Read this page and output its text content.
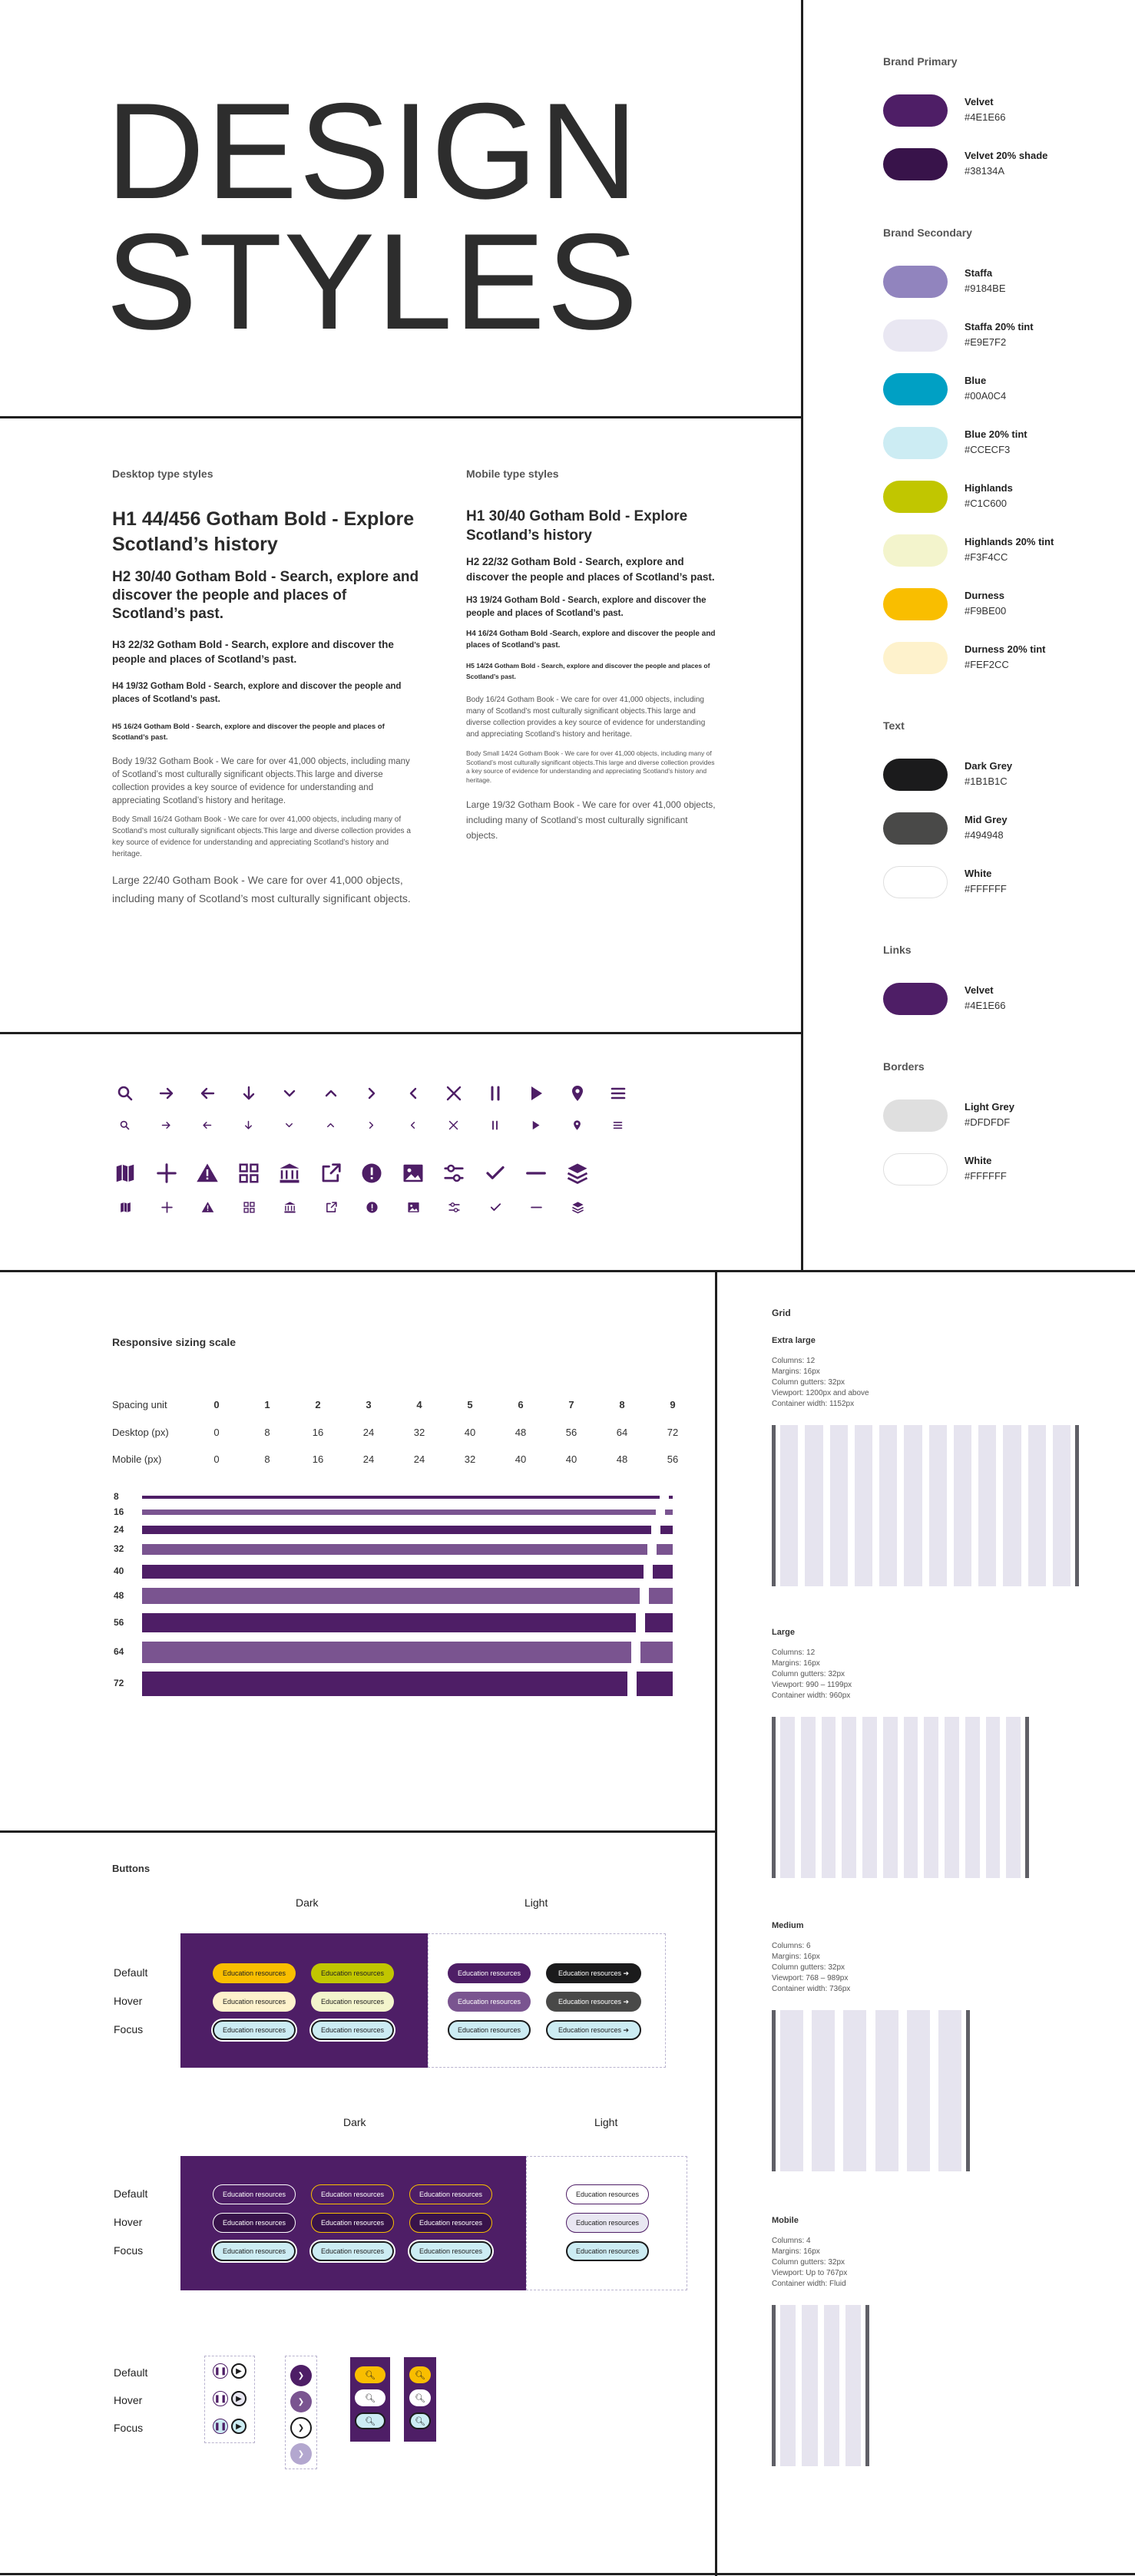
DESIGN
STYLES
Brand Primary
Velvet
#4E1E66
Velvet 20% shade
#38134A
Brand Secondary
Staffa
#9184BE
Staffa 20% tint
#E9E7F2
Blue
#00A0C4
Blue 20% tint
#CCECF3
Highlands
#C1C600
Highlands 20% tint
#F3F4CC
Durness
#F9BE00
Durness 20% tint
#FEF2CC
Text
Dark Grey
#1B1B1C
Mid Grey
#494948
White
#FFFFFF
Links
Velvet
#4E1E66
Borders
Light Grey
#DFDFDF
White
#FFFFFF
Desktop type styles
H1 44/456 Gotham Bold - Explore Scotland’s history
H2 30/40 Gotham Bold - Search, explore and discover the people and places of Scotland’s past.
H3 22/32 Gotham Bold - Search, explore and discover the people and places of Scotland’s past.
H4 19/32 Gotham Bold - Search, explore and discover the people and places of Scotland’s past.
H5 16/24 Gotham Bold - Search, explore and discover the people and places of Scotland’s past.
Body 19/32 Gotham Book - We care for over 41,000 objects, including many of Scotland’s most culturally significant objects.This large and diverse collection provides a key source of evidence for understanding and appreciating Scotland’s history and heritage.
Body Small 16/24 Gotham Book - We care for over 41,000 objects, including many of Scotland’s most culturally significant objects.This large and diverse collection provides a key source of evidence for understanding and appreciating Scotland’s history and heritage.
Large 22/40 Gotham Book - We care for over 41,000 objects, including many of Scotland’s most culturally significant objects.
Mobile type styles
H1 30/40 Gotham Bold - Explore Scotland’s history
H2 22/32 Gotham Bold - Search, explore and discover the people and places of Scotland’s past.
H3 19/24 Gotham Bold - Search, explore and discover the people and places of Scotland’s past.
H4 16/24 Gotham Bold -Search, explore and discover the people and places of Scotland’s past.
H5 14/24 Gotham Bold - Search, explore and discover the people and places of Scotland’s past.
Body 16/24 Gotham Book - We care for over 41,000 objects, including many of Scotland’s most culturally significant objects.This large and diverse collection provides a key source of evidence for understanding and appreciating Scotland’s history and heritage.
Body Small 14/24 Gotham Book - We care for over 41,000 objects, including many of Scotland’s most culturally significant objects.This large and diverse collection provides a key source of evidence for understanding and appreciating Scotland’s history and heritage.
Large 19/32 Gotham Book - We care for over 41,000 objects, including many of Scotland’s most culturally significant objects.
Responsive sizing scale
Spacing unit	0	1	2	3	4	5	6	7	8	9
Desktop (px)	0	8	16	24	32	40	48	56	64	72
Mobile (px)	0	8	16	24	24	32	40	40	48	56
8
16
24
32
40
48
56
64
72
Grid
Extra large
Columns: 12
Margins: 16px
Column gutters: 32px
Viewport: 1200px and above
Container width: 1152px
Large
Columns: 12
Margins: 16px
Column gutters: 32px
Viewport: 990 – 1199px
Container width: 960px
Medium
Columns: 6
Margins: 16px
Column gutters: 32px
Viewport: 768 – 989px
Container width: 736px
Mobile
Columns: 4
Margins: 16px
Column gutters: 32px
Viewport: Up to 767px
Container width: Fluid
Buttons
Dark	Light
Default
Hover
Focus
Education resources	Education resources
Education resources	Education resources
Education resources	Education resources
Education resources	Education resources ➔
Education resources	Education resources ➔
Education resources	Education resources ➔
Dark	Light
Default
Hover
Focus
Education resources
Education resources
Education resources
Education resources
Education resources
Education resources
Education resources
Education resources
Education resources
Education resources
Education resources
Education resources
Default
Hover
Focus
❚❚	▶
❚❚	▶
❚❚	▶
❯
❯
❯
❯
🔍︎
🔍︎
🔍︎
🔍︎
🔍︎
🔍︎
